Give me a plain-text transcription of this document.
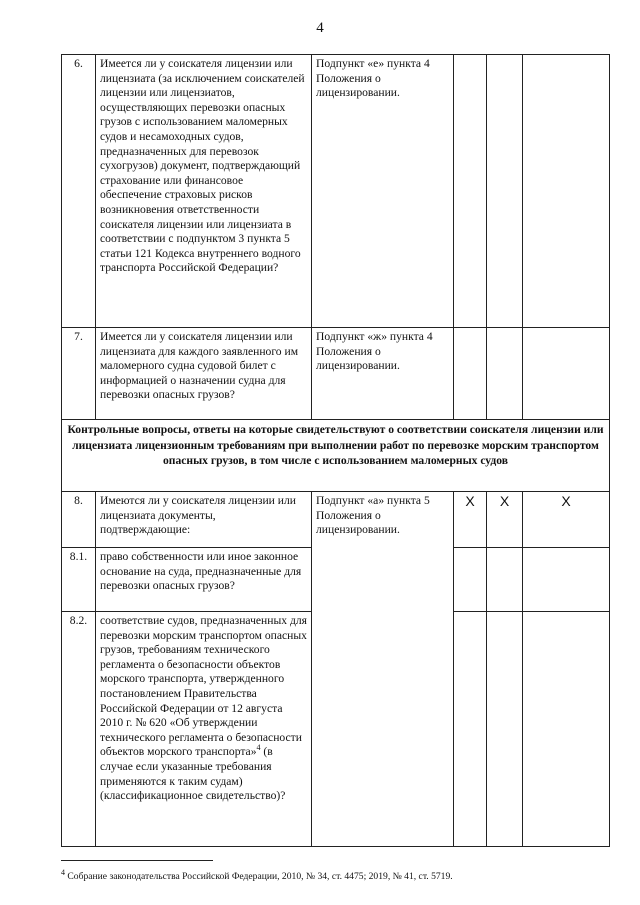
4
6.	Имеется ли у соискателя лицензии или лицензиата (за исключением соискателей лицензии или лицензиатов, осуществляющих перевозки опасных грузов с использованием маломерных судов и несамоходных судов, предназначенных для перевозок сухогрузов) документ, подтверждающий страхование или финансовое обеспечение страховых рисков возникновения ответственности соискателя лицензии или лицензиата в соответствии с подпунктом 3 пункта 5 статьи 121 Кодекса внутреннего водного транспорта Российской Федерации?	Подпункт «е» пункта 4 Положения о лицензировании.			
7.	Имеется ли у соискателя лицензии или лицензиата для каждого заявленного им маломерного судна судовой билет с информацией о назначении судна для перевозки опасных грузов?	Подпункт «ж» пункта 4 Положения о лицензировании.			
Контрольные вопросы, ответы на которые свидетельствуют о соответствии соискателя лицензии или лицензиата лицензионным требованиям при выполнении работ по перевозке морским транспортом опасных грузов, в том числе с использованием маломерных судов					
8.	Имеются ли у соискателя лицензии или лицензиата документы, подтверждающие:	Подпункт «а» пункта 5 Положения о лицензировании.	X	X	X
8.1.	право собственности или иное законное основание на суда, предназначенные для перевозки опасных грузов?				
8.2.	соответствие судов, предназначенных для перевозки морским транспортом опасных грузов, требованиям технического регламента о безопасности объектов морского транспорта, утвержденного постановлением Правительства Российской Федерации от 12 августа 2010 г. № 620 «Об утверждении технического регламента о безопасности объектов морского транспорта»$^4$ (в случае если указанные требования применяются к таким судам) (классификационное свидетельство)?				
$^4$ Собрание законодательства Российской Федерации, 2010, № 34, ст. 4475; 2019, № 41, ст. 5719.
